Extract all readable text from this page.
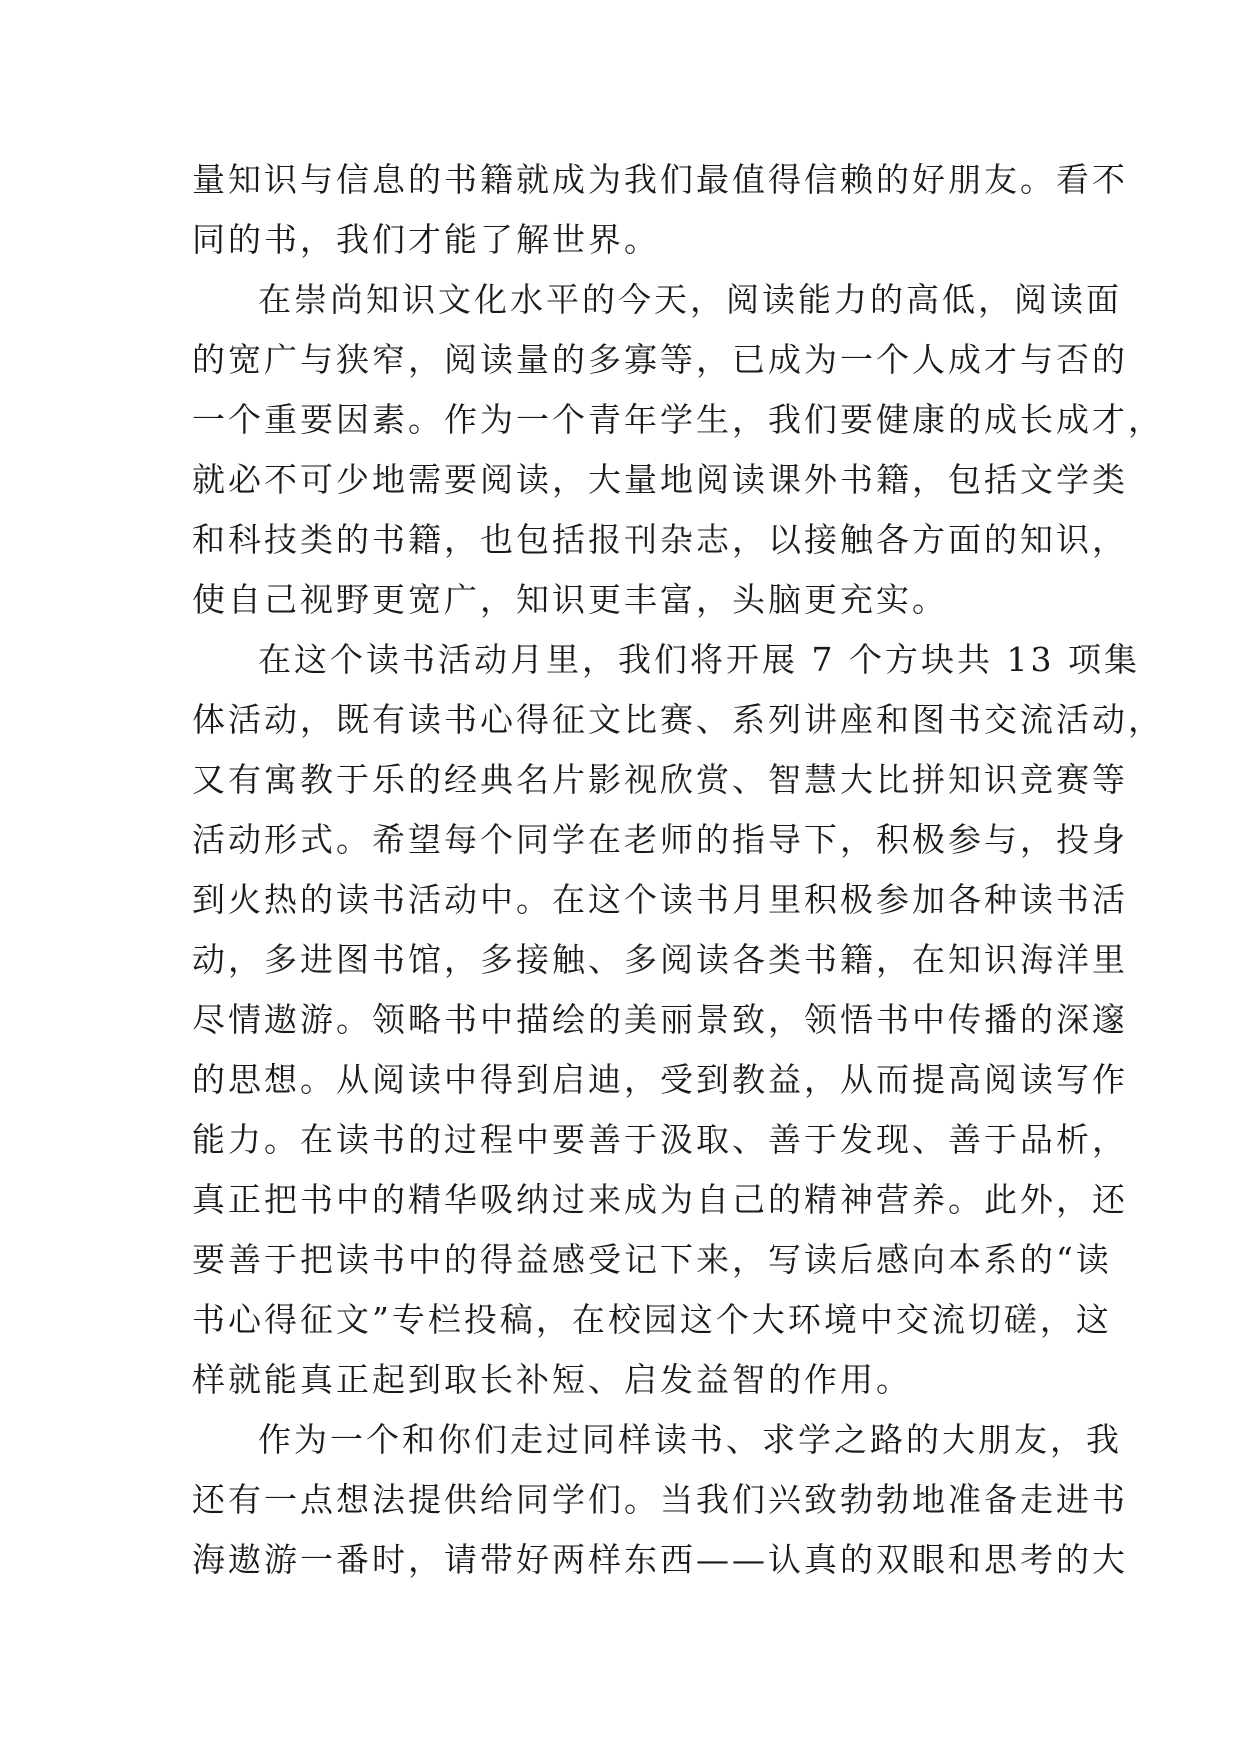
量知识与信息的书籍就成为我们最值得信赖的好朋友。看不
同的书，我们才能了解世界。
在崇尚知识文化水平的今天，阅读能力的高低，阅读面
的宽广与狭窄，阅读量的多寡等，已成为一个人成才与否的
一个重要因素。作为一个青年学生，我们要健康的成长成才，
就必不可少地需要阅读，大量地阅读课外书籍，包括文学类
和科技类的书籍，也包括报刊杂志，以接触各方面的知识，
使自己视野更宽广，知识更丰富，头脑更充实。
在这个读书活动月里，我们将开展 7 个方块共 13 项集
体活动，既有读书心得征文比赛、系列讲座和图书交流活动，
又有寓教于乐的经典名片影视欣赏、智慧大比拼知识竞赛等
活动形式。希望每个同学在老师的指导下，积极参与，投身
到火热的读书活动中。在这个读书月里积极参加各种读书活
动，多进图书馆，多接触、多阅读各类书籍，在知识海洋里
尽情遨游。领略书中描绘的美丽景致，领悟书中传播的深邃
的思想。从阅读中得到启迪，受到教益，从而提高阅读写作
能力。在读书的过程中要善于汲取、善于发现、善于品析，
真正把书中的精华吸纳过来成为自己的精神营养。此外，还
要善于把读书中的得益感受记下来，写读后感向本系的“读
书心得征文”专栏投稿，在校园这个大环境中交流切磋，这
样就能真正起到取长补短、启发益智的作用。
作为一个和你们走过同样读书、求学之路的大朋友，我
还有一点想法提供给同学们。当我们兴致勃勃地准备走进书
海遨游一番时，请带好两样东西——认真的双眼和思考的大
